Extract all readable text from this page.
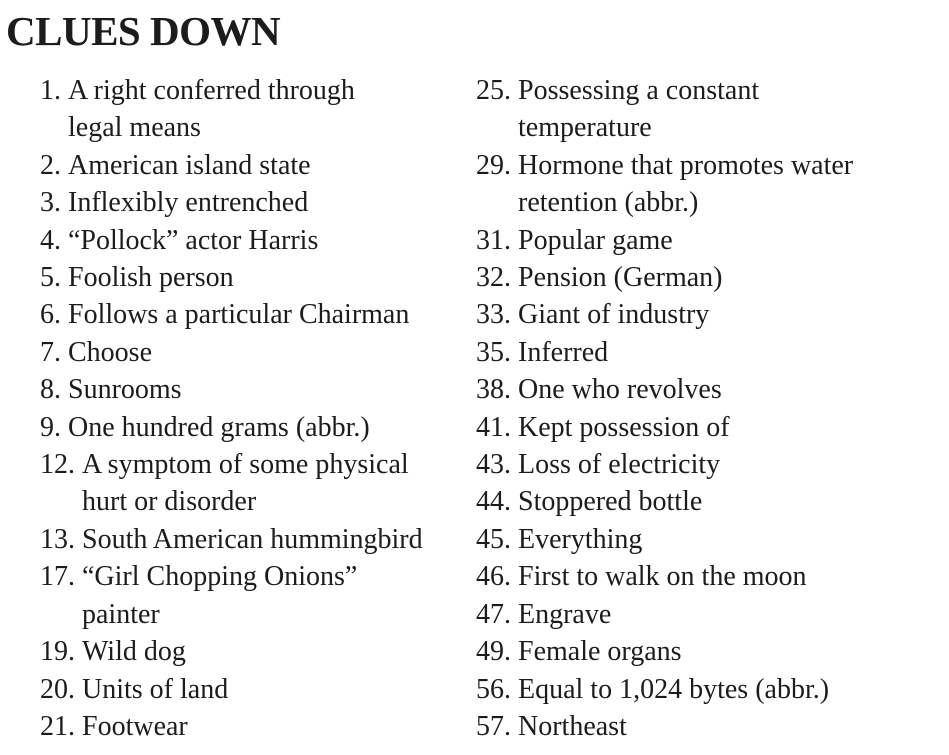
CLUES DOWN
1. A right conferred through
legal means
2. American island state
3. Inflexibly entrenched
4. “Pollock” actor Harris
5. Foolish person
6. Follows a particular Chairman
7. Choose
8. Sunrooms
9. One hundred grams (abbr.)
12. A symptom of some physical
hurt or disorder
13. South American hummingbird
17. “Girl Chopping Onions”
painter
19. Wild dog
20. Units of land
21. Footwear
25. Possessing a constant
temperature
29. Hormone that promotes water
retention (abbr.)
31. Popular game
32. Pension (German)
33. Giant of industry
35. Inferred
38. One who revolves
41. Kept possession of
43. Loss of electricity
44. Stoppered bottle
45. Everything
46. First to walk on the moon
47. Engrave
49. Female organs
56. Equal to 1,024 bytes (abbr.)
57. Northeast
